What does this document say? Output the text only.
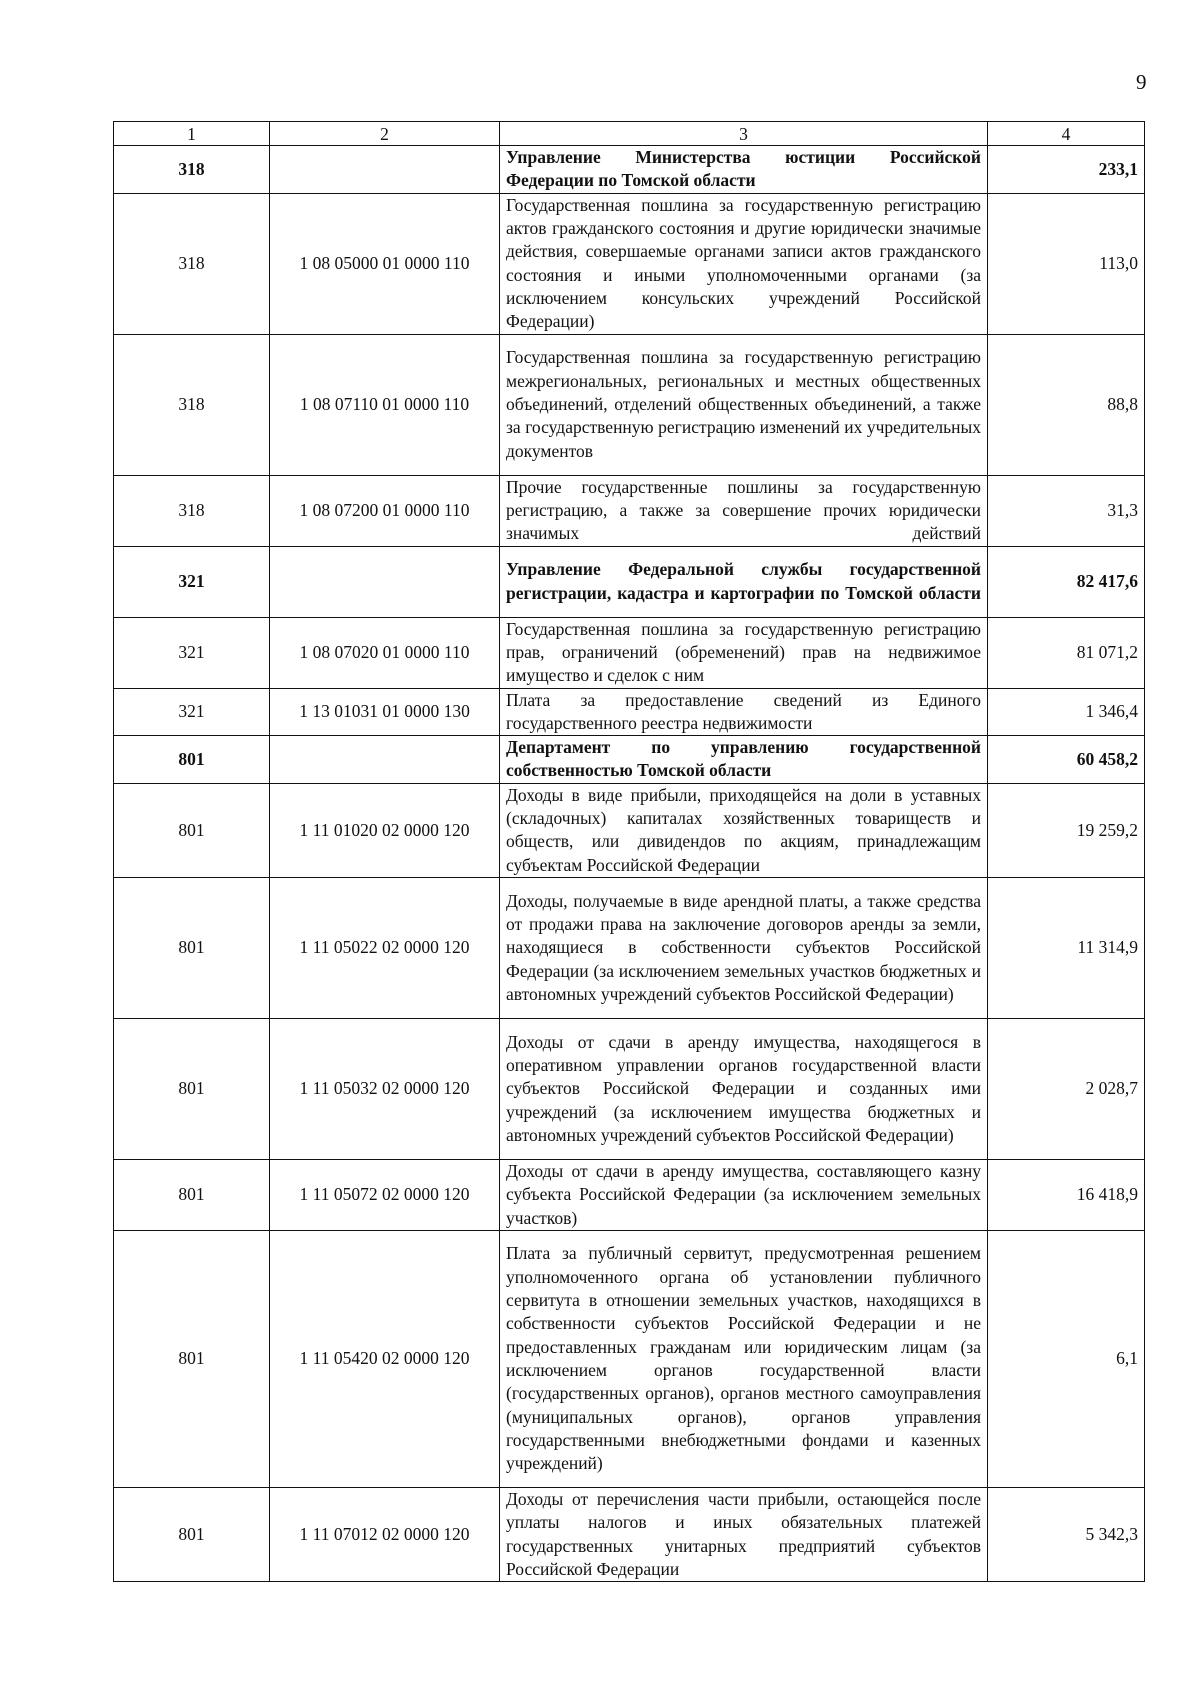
9
1	2	3	4
318		Управление Министерства юстиции Российской Федерации по Томской области	233,1
318	1 08 05000 01 0000 110	Государственная пошлина за государственную регистрацию актов гражданского состояния и другие юридически значимые действия, совершаемые органами записи актов гражданского состояния и иными уполномоченными органами (за исключением консульских учреждений Российской Федерации)	113,0
318	1 08 07110 01 0000 110	Государственная пошлина за государственную регистрацию межрегиональных, региональных и местных общественных объединений, отделений общественных объединений, а также за государственную регистрацию изменений их учредительных документов	88,8
318	1 08 07200 01 0000 110	Прочие государственные пошлины за государственную регистрацию, а также за совершение прочих юридически значимых действий	31,3
321		Управление Федеральной службы государственной регистрации, кадастра и картографии по Томской области	82 417,6
321	1 08 07020 01 0000 110	Государственная пошлина за государственную регистрацию прав, ограничений (обременений) прав на недвижимое имущество и сделок с ним	81 071,2
321	1 13 01031 01 0000 130	Плата за предоставление сведений из Единого государственного реестра недвижимости	1 346,4
801		Департамент по управлению государственной собственностью Томской области	60 458,2
801	1 11 01020 02 0000 120	Доходы в виде прибыли, приходящейся на доли в уставных (складочных) капиталах хозяйственных товариществ и обществ, или дивидендов по акциям, принадлежащим субъектам Российской Федерации	19 259,2
801	1 11 05022 02 0000 120	Доходы, получаемые в виде арендной платы, а также средства от продажи права на заключение договоров аренды за земли, находящиеся в собственности субъектов Российской Федерации (за исключением земельных участков бюджетных и автономных учреждений субъектов Российской Федерации)	11 314,9
801	1 11 05032 02 0000 120	Доходы от сдачи в аренду имущества, находящегося в оперативном управлении органов государственной власти субъектов Российской Федерации и созданных ими учреждений (за исключением имущества бюджетных и автономных учреждений субъектов Российской Федерации)	2 028,7
801	1 11 05072 02 0000 120	Доходы от сдачи в аренду имущества, составляющего казну субъекта Российской Федерации (за исключением земельных участков)	16 418,9
801	1 11 05420 02 0000 120	Плата за публичный сервитут, предусмотренная решением уполномоченного органа об установлении публичного сервитута в отношении земельных участков, находящихся в собственности субъектов Российской Федерации и не предоставленных гражданам или юридическим лицам (за исключением органов государственной власти (государственных органов), органов местного самоуправления (муниципальных органов), органов управления государственными внебюджетными фондами и казенных учреждений)	6,1
801	1 11 07012 02 0000 120	Доходы от перечисления части прибыли, остающейся после уплаты налогов и иных обязательных платежей государственных унитарных предприятий субъектов Российской Федерации	5 342,3
